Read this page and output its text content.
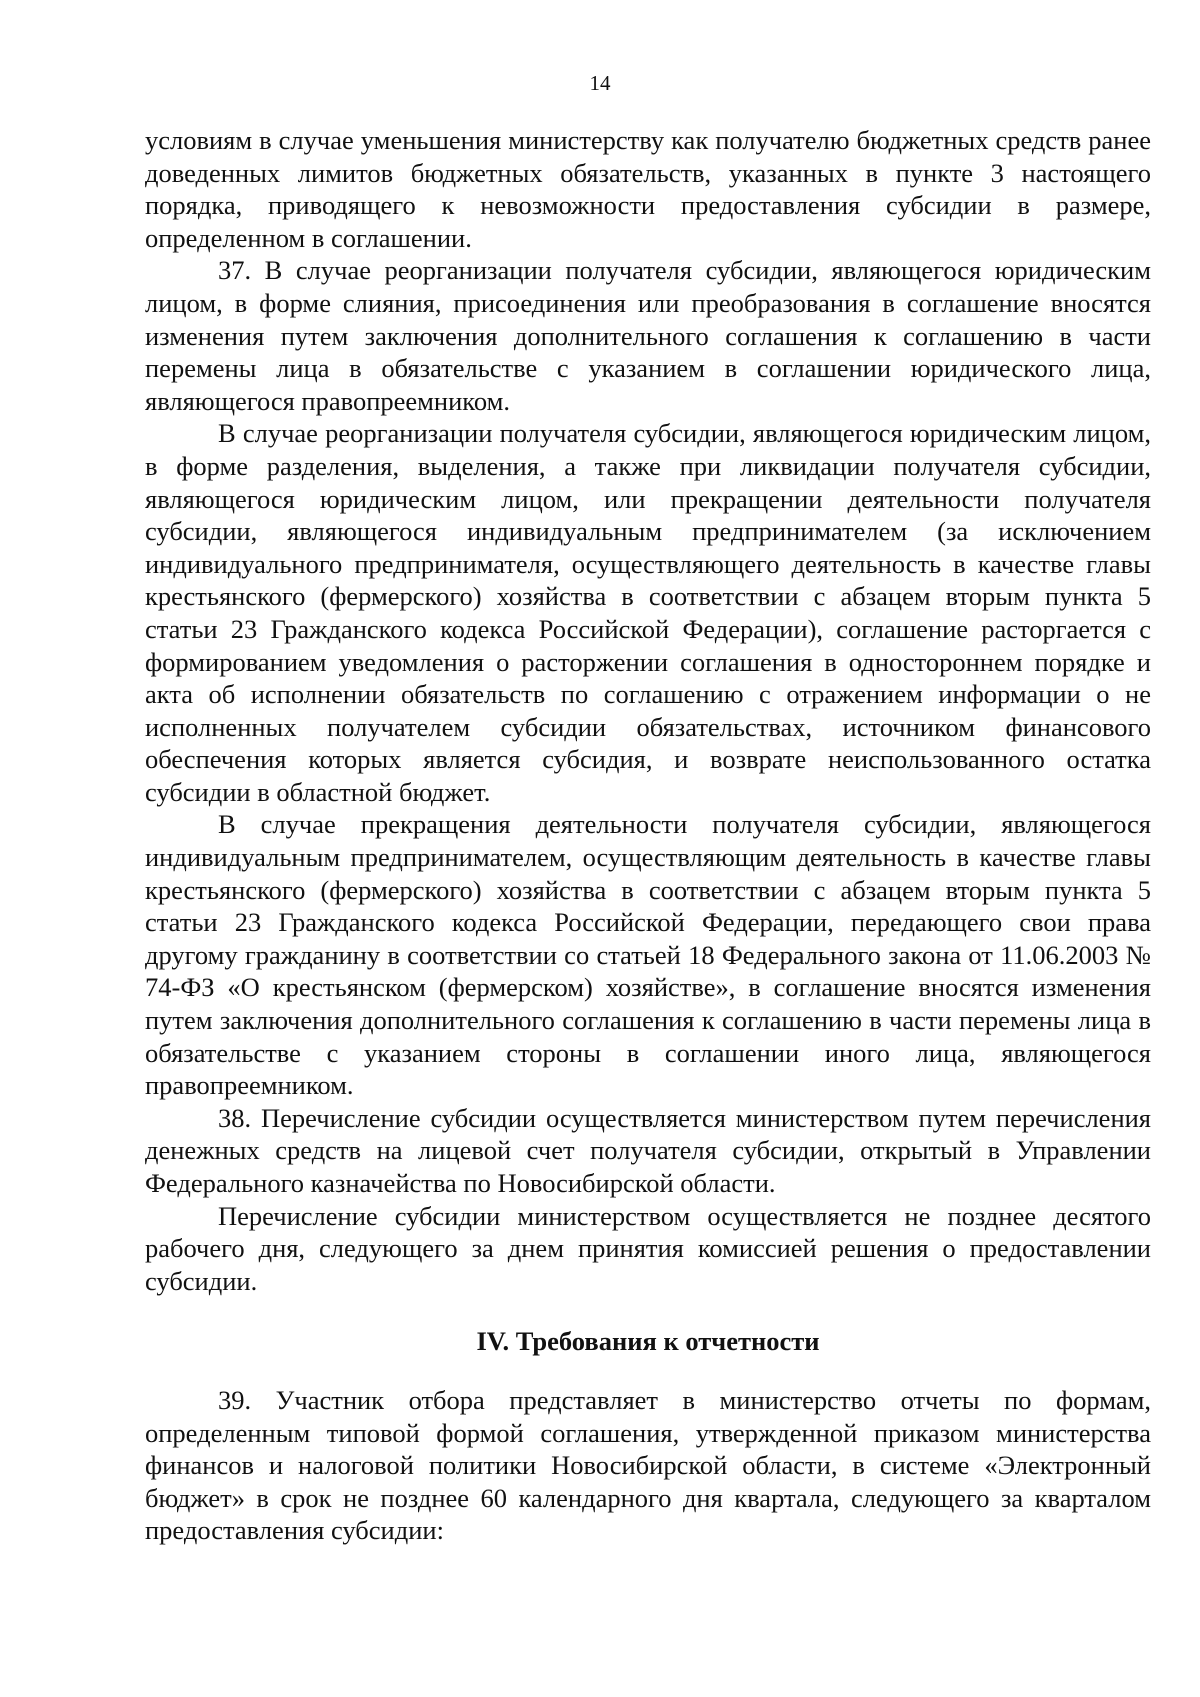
14

условиям в случае уменьшения министерству как получателю бюджетных средств ранее доведенных лимитов бюджетных обязательств, указанных в пункте 3 настоящего порядка, приводящего к невозможности предоставления субсидии в размере, определенном в соглашении.

37. В случае реорганизации получателя субсидии, являющегося юридическим лицом, в форме слияния, присоединения или преобразования в соглашение вносятся изменения путем заключения дополнительного соглашения к соглашению в части перемены лица в обязательстве с указанием в соглашении юридического лица, являющегося правопреемником.

В случае реорганизации получателя субсидии, являющегося юридическим лицом, в форме разделения, выделения, а также при ликвидации получателя субсидии, являющегося юридическим лицом, или прекращении деятельности получателя субсидии, являющегося индивидуальным предпринимателем (за исключением индивидуального предпринимателя, осуществляющего деятельность в качестве главы крестьянского (фермерского) хозяйства в соответствии с абзацем вторым пункта 5 статьи 23 Гражданского кодекса Российской Федерации), соглашение расторгается с формированием уведомления о расторжении соглашения в одностороннем порядке и акта об исполнении обязательств по соглашению с отражением информации о не исполненных получателем субсидии обязательствах, источником финансового обеспечения которых является субсидия, и возврате неиспользованного остатка субсидии в областной бюджет.

В случае прекращения деятельности получателя субсидии, являющегося индивидуальным предпринимателем, осуществляющим деятельность в качестве главы крестьянского (фермерского) хозяйства в соответствии с абзацем вторым пункта 5 статьи 23 Гражданского кодекса Российской Федерации, передающего свои права другому гражданину в соответствии со статьей 18 Федерального закона от 11.06.2003 № 74-ФЗ «О крестьянском (фермерском) хозяйстве», в соглашение вносятся изменения путем заключения дополнительного соглашения к соглашению в части перемены лица в обязательстве с указанием стороны в соглашении иного лица, являющегося правопреемником.

38. Перечисление субсидии осуществляется министерством путем перечисления денежных средств на лицевой счет получателя субсидии, открытый в Управлении Федерального казначейства по Новосибирской области.

Перечисление субсидии министерством осуществляется не позднее десятого рабочего дня, следующего за днем принятия комиссией решения о предоставлении субсидии.

IV. Требования к отчетности

39. Участник отбора представляет в министерство отчеты по формам, определенным типовой формой соглашения, утвержденной приказом министерства финансов и налоговой политики Новосибирской области, в системе «Электронный бюджет» в срок не позднее 60 календарного дня квартала, следующего за кварталом предоставления субсидии:
